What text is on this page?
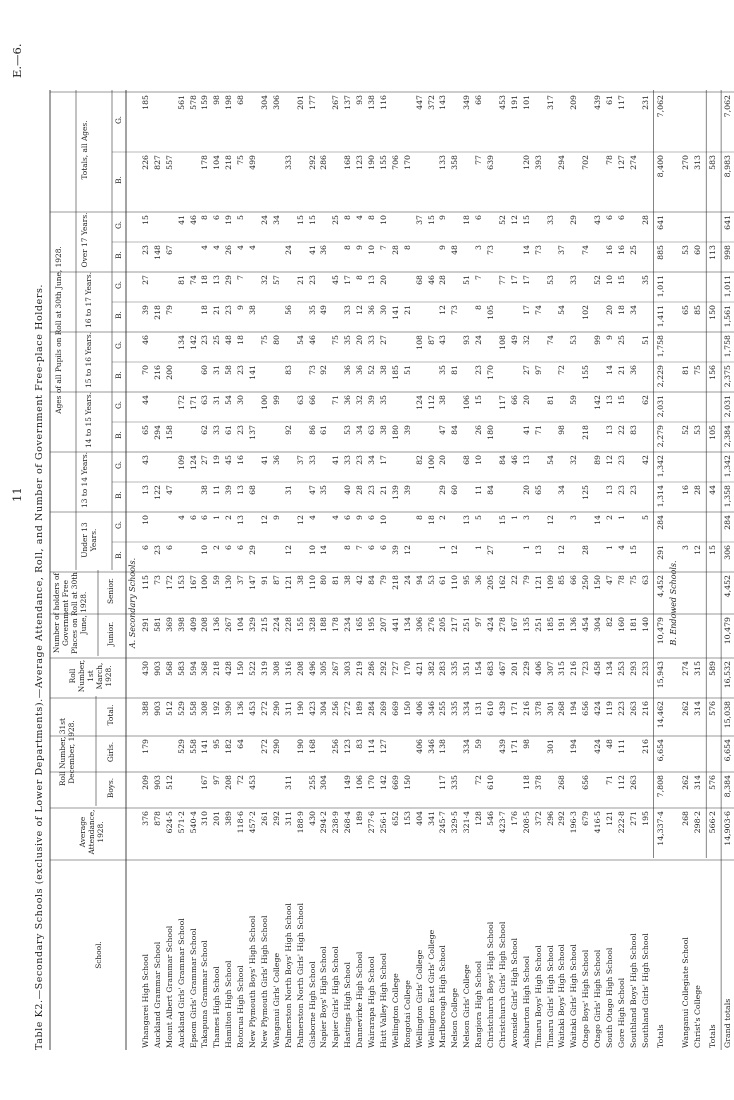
11
E.—6.
Table K2.—Secondary Schools (exclusive of Lower Departments).—Average Attendance, Roll, and Number of Government Free-place Holders.	School.
Average Attendance, 1928.
Roll Number, 31st December, 1928.
Boys.
Girls.
Total.
Roll Number, 1st March, 1928.
Number of holders of Government Free Places on Roll at 30th June, 1928. Junior.
Senior.
Ages of all Pupils on Roll at 30th June, 1928.
Under 13 Years.
13 to 14 Years.
14 to 15 Years.
15 to 16 Years.
16 to 17 Years.
Over 17 Years.
Totals, all Ages.
B.
G.
B.
G.
B.
G.
B.
G.
B.
G.
B.
G.
B.
G.
A. Secondary Schools.
Whangarei High School
376
209
179
388
430
291
115
6
10
13
43
65
44
70
46
39
27
23
15
226
185
Auckland Grammar School
878
903
903
903
581
73
23
122
294
216
218
148
827
Mount Albert Grammar School
624·5
512
512
568
369
172
6
47
158
200
79
67
557
Auckland Girls' Grammar School
571·2
529
529
583
398
153
4
109
172
134
81
41
561
Epsom Girls' Grammar School
540·4
558
558
594
409
167
6
124
171
142
74
46
578
Takapuna Grammar School
310
167
141
308
368
208
100
10
6
38
27
62
63
60
23
18
18
4
8
178
159
Thames High School
201
97
95
192
218
136
59
2
1
11
19
33
31
31
25
21
13
4
6
104
98
Hamilton High School
389
208
182
390
428
267
130
6
2
39
45
61
54
58
48
23
29
26
19
218
198
Rotorua High School
118·6
72
64
136
150
104
37
6
13
13
16
23
30
23
18
9
7
4
5
75
68
New Plymouth Boys' High School
457·2
453
453
522
329
147
29
68
137
141
38
4
499
New Plymouth Girls' High School
261
272
272
319
215
91
12
41
100
75
32
24
304
Wanganui Girls' College
292
290
290
308
224
87
9
36
99
80
57
34
306
Palmerston North Boys' High School
311
311
311
316
228
121
12
31
92
83
56
24
333
Palmerston North Girls' High School
188·9
190
190
208
155
38
12
37
63
54
21
15
201
Gisborne High School
430
255
168
423
496
328
110
10
4
47
33
86
66
73
46
35
23
41
15
292
177
Napier Boys' High School
294·2
304
304
305
188
80
14
35
61
92
49
36
286
Napier Girls' High School
238·9
256
256
267
178
81
4
41
71
75
45
25
267
Hastings High School
268·4
149
123
272
303
234
38
8
6
40
33
53
36
36
35
33
17
8
8
168
137
Dannevirke High School
189
106
83
189
219
165
42
7
9
28
23
34
32
36
20
12
8
9
4
123
93
Wairarapa High School
277·6
170
114
284
286
195
84
6
6
23
34
63
39
52
33
36
13
10
8
190
138
Hutt Valley High School
256·1
142
127
269
292
207
79
6
10
21
17
38
35
38
27
30
20
7
10
155
116
Wellington College
652
669
669
727
441
218
39
139
180
185
141
28
706
Rongotai College
153
150
150
170
134
24
12
39
39
51
21
8
170
Wellington Girls' College
404
406
406
421
306
94
8
82
124
108
68
37
447
Wellington East Girls' College
341
346
346
382
276
53
18
100
112
87
46
15
372
Marlborough High School
245·7
117
138
255
283
205
61
1
2
29
20
47
38
35
43
12
28
9
9
133
143
Nelson College
329·5
335
335
335
217
110
12
60
84
81
73
48
358
Nelson Girls' College
321·4
334
334
351
251
95
13
68
106
93
51
18
349
Rangiora High School
128
72
59
131
154
97
36
1
5
11
10
26
15
23
24
8
7
3
6
77
66
Christchurch Boys' High School
546
610
610
683
424
205
27
84
180
170
105
73
639
Christchurch Girls' High School
423·7
439
439
467
278
162
15
84
117
108
77
52
453
Avonside Girls' High School
176
171
171
201
167
22
1
46
66
49
17
12
191
Ashburton High School
208·5
118
98
216
229
135
79
1
3
20
13
41
20
27
32
17
17
14
15
120
101
Timaru Boys' High School
372
378
378
406
251
121
13
65
71
97
74
73
393
Timaru Girls' High School
296
301
301
307
185
109
12
54
81
74
53
33
317
Waitaki Boys' High School
292
268
268
315
191
85
12
34
98
72
54
37
294
Waitaki Girls' High School
196·3
194
194
216
136
66
3
32
59
53
33
29
209
Otago Boys' High School
679
656
656
723
454
250
28
125
218
155
102
74
702
Otago Girls' High School
416·5
424
424
458
304
150
14
89
142
99
52
43
439
South Otago High School
121
71
48
119
134
82
47
1
2
13
12
13
13
14
9
20
10
16
6
78
61
Gore High School
222·8
112
111
223
253
160
78
4
1
23
23
22
15
21
25
18
15
16
6
127
117
Southland Boys' High School
271
263
263
293
181
75
15
23
83
36
34
25
274
Southland Girls' High School
195
216
216
233
140
63
5
42
62
51
35
28
231
Totals
14,337·4
7,808
6,654
14,462
15,943
10,479
4,452
291
284
1,314
1,342
2,279
2,031
2,229
1,758
1,411
1,011
885
641
8,400
7,062
B. Endowed Schools.
Wanganui Collegiate School
268
262
262
274
3
16
52
81
65
53
270
Christ's College
298·2
314
314
315
12
28
53
75
85
60
313
Totals
566·2
576
576
589
15
44
105
156
150
113
583
Grand totals
14,903·6
8,384
6,654
15,038
16,532
10,479
4,452
306
284
1,358
1,342
2,384
2,031
2,375
1,758
1,561
1,011
998
641
8,983
7,062
